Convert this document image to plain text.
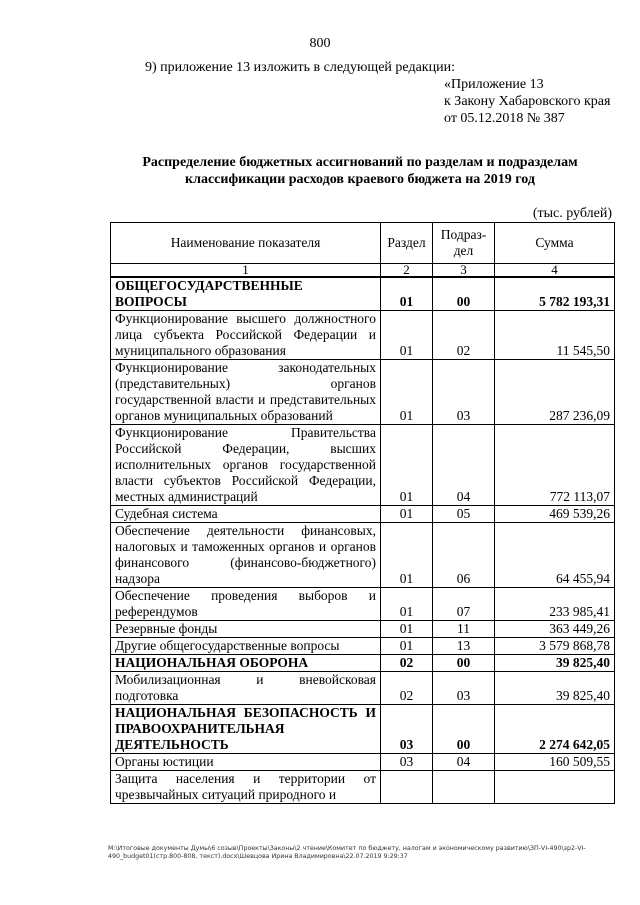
800
9) приложение 13 изложить в следующей редакции:
«Приложение 13
к Закону Хабаровского края
от 05.12.2018 № 387
Распределение бюджетных ассигнований по разделам и подразделам
классификации расходов краевого бюджета на 2019 год
(тыс. рублей)
Наименование показателя	Раздел	Подраз-дел	Сумма
1	2	3	4
ОБЩЕГОСУДАРСТВЕННЫЕ ВОПРОСЫ	01	00	5 782 193,31
Функционирование высшего должностного лица субъекта Российской Федерации и муниципального образования	01	02	11 545,50
Функционирование законодательных (представительных) органов государственной власти и представительных органов муниципальных образований	01	03	287 236,09
Функционирование Правительства Российской Федерации, высших исполнительных органов государственной власти субъектов Российской Федерации, местных администраций	01	04	772 113,07
Судебная система	01	05	469 539,26
Обеспечение деятельности финансовых, налоговых и таможенных органов и органов финансового (финансово-бюджетного) надзора	01	06	64 455,94
Обеспечение проведения выборов и референдумов	01	07	233 985,41
Резервные фонды	01	11	363 449,26
Другие общегосударственные вопросы	01	13	3 579 868,78
НАЦИОНАЛЬНАЯ ОБОРОНА	02	00	39 825,40
Мобилизационная и вневойсковая подготовка	02	03	39 825,40
НАЦИОНАЛЬНАЯ БЕЗОПАСНОСТЬ И ПРАВООХРАНИТЕЛЬНАЯ ДЕЯТЕЛЬНОСТЬ	03	00	2 274 642,05
Органы юстиции	03	04	160 509,55
Защита населения и территории от чрезвычайных ситуаций природного и			
М:\Итоговые документы Думы\6 созыв\Проекты\Законы\2 чтение\Комитет по бюджету, налогам и экономическому развитию\ЗП-VI-490\зр2-VI-490_budget01(стр.800-808, текст).docx\Шевцова Ирина Владимировна\22.07.2019 9:29:37
